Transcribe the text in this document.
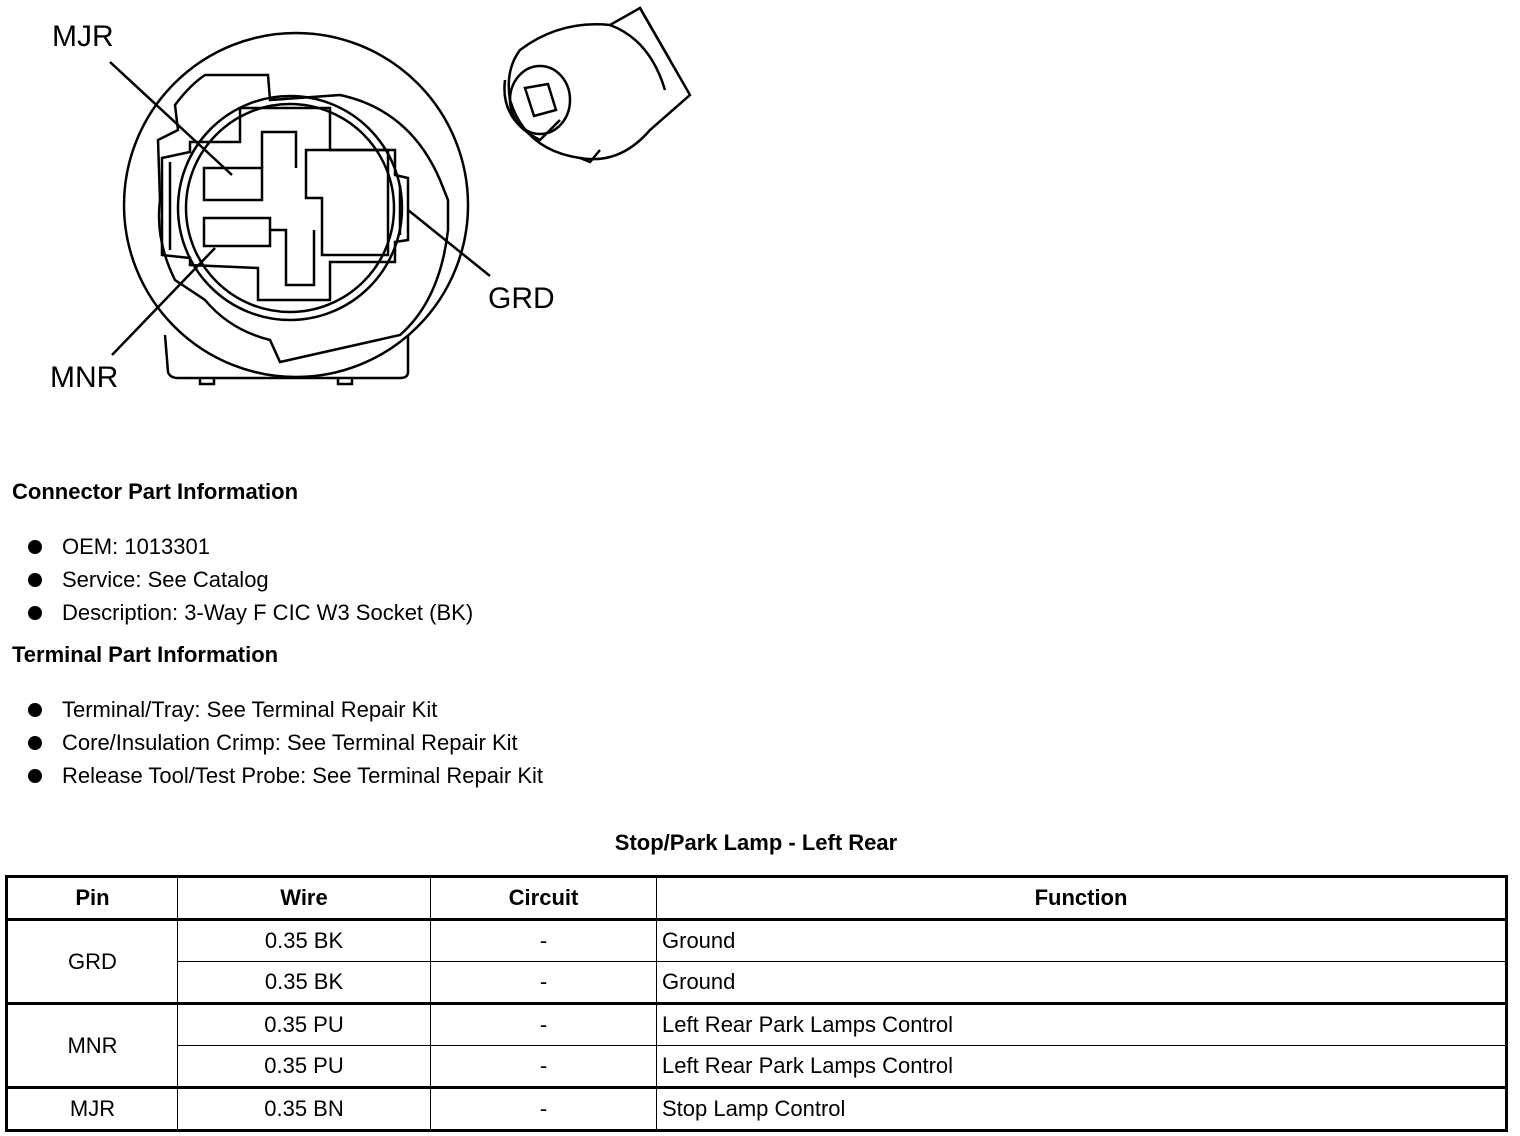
MJR
GRD
MNR
Connector Part Information
OEM: 1013301
Service: See Catalog
Description: 3-Way F CIC W3 Socket (BK)
Terminal Part Information
Terminal/Tray: See Terminal Repair Kit
Core/Insulation Crimp: See Terminal Repair Kit
Release Tool/Test Probe: See Terminal Repair Kit
Stop/Park Lamp - Left Rear
Pin	Wire	Circuit	Function
GRD	0.35 BK	-	Ground
	0.35 BK	-	Ground
MNR	0.35 PU	-	Left Rear Park Lamps Control
	0.35 PU	-	Left Rear Park Lamps Control
MJR	0.35 BN	-	Stop Lamp Control
